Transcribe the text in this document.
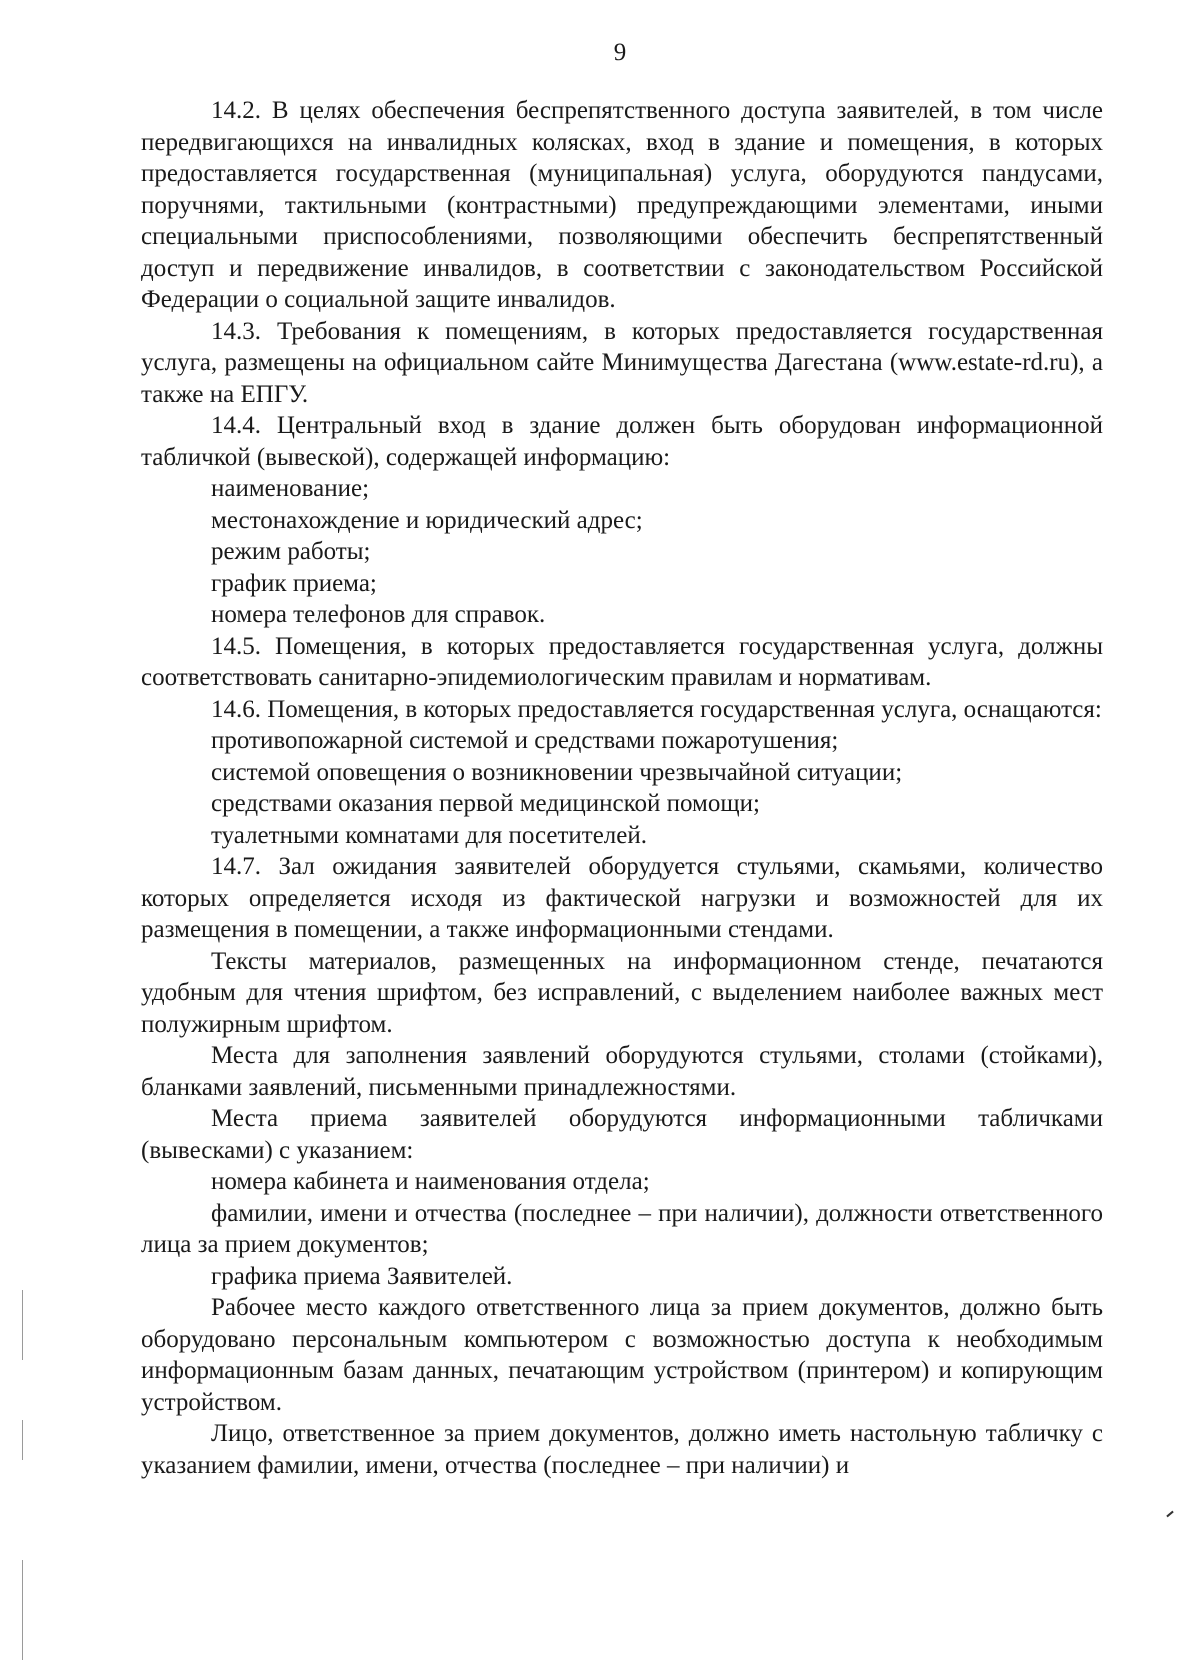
9

14.2. В целях обеспечения беспрепятственного доступа заявителей, в том числе передвигающихся на инвалидных колясках, вход в здание и помещения, в которых предоставляется государственная (муниципальная) услуга, оборудуются пандусами, поручнями, тактильными (контрастными) предупреждающими элементами, иными специальными приспособлениями, позволяющими обеспечить беспрепятственный доступ и передвижение инвалидов, в соответствии с законодательством Российской Федерации о социальной защите инвалидов.

14.3. Требования к помещениям, в которых предоставляется государственная услуга, размещены на официальном сайте Минимущества Дагестана (www.estate-rd.ru), а также на ЕПГУ.

14.4. Центральный вход в здание должен быть оборудован информационной табличкой (вывеской), содержащей информацию:

наименование;

местонахождение и юридический адрес;

режим работы;

график приема;

номера телефонов для справок.

14.5. Помещения, в которых предоставляется государственная услуга, должны соответствовать санитарно-эпидемиологическим правилам и нормативам.

14.6. Помещения, в которых предоставляется государственная услуга, оснащаются:

противопожарной системой и средствами пожаротушения;

системой оповещения о возникновении чрезвычайной ситуации;

средствами оказания первой медицинской помощи;

туалетными комнатами для посетителей.

14.7. Зал ожидания заявителей оборудуется стульями, скамьями, количество которых определяется исходя из фактической нагрузки и возможностей для их размещения в помещении, а также информационными стендами.

Тексты материалов, размещенных на информационном стенде, печатаются удобным для чтения шрифтом, без исправлений, с выделением наиболее важных мест полужирным шрифтом.

Места для заполнения заявлений оборудуются стульями, столами (стойками), бланками заявлений, письменными принадлежностями.

Места приема заявителей оборудуются информационными табличками (вывесками) с указанием:

номера кабинета и наименования отдела;

фамилии, имени и отчества (последнее – при наличии), должности ответственного лица за прием документов;

графика приема Заявителей.

Рабочее место каждого ответственного лица за прием документов, должно быть оборудовано персональным компьютером с возможностью доступа к необходимым информационным базам данных, печатающим устройством (принтером) и копирующим устройством.

Лицо, ответственное за прием документов, должно иметь настольную табличку с указанием фамилии, имени, отчества (последнее – при наличии) и
